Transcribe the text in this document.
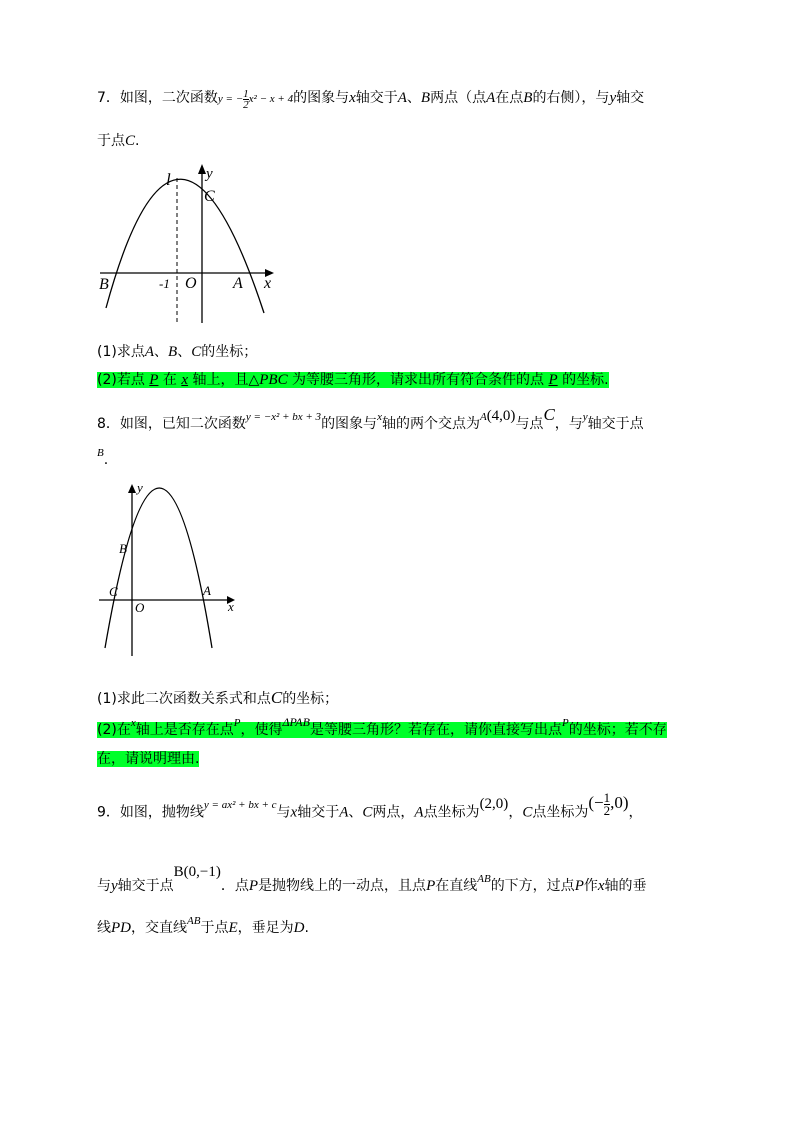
7．如图，二次函数y = − $\frac{1}{2} x^2 - x + 4$的图象与x轴交于A、B两点（点A在点B的右侧），与y轴交
于点C.
l y
C
B	-1 O A x
(1)求点A、B、C的坐标；
(2)若点 P 在 x 轴上，且△PBC 为等腰三角形，请求出所有符合条件的点 P 的坐标.
8．如图，已知二次函数$^{y = -x^2 + bx + 3}$的图象与$^x$轴的两个交点为A(4,0)与点C，与$^y$轴交于点
$^B$.
y
B
C
O
A
x
(1)求此二次函数关系式和点C的坐标；
(2)在$^x$轴上是否存在点$^P$，使得ΔPAB是等腰三角形？若存在，请你直接写出点$^P$的坐标；若不存
在，请说明理由.
9．如图，抛物线$^{y = ax^2 + bx + c}$与x轴交于A、C两点，A点坐标为(2,0)，C点坐标为(− $\frac{1}{2} ,0$)，
与y轴交于点B(0,−1)．点P是抛物线上的一动点，且点P在直线$^{AB}$的下方，过点P作x轴的垂
线PD，交直线$^{AB}$于点E，垂足为D.
